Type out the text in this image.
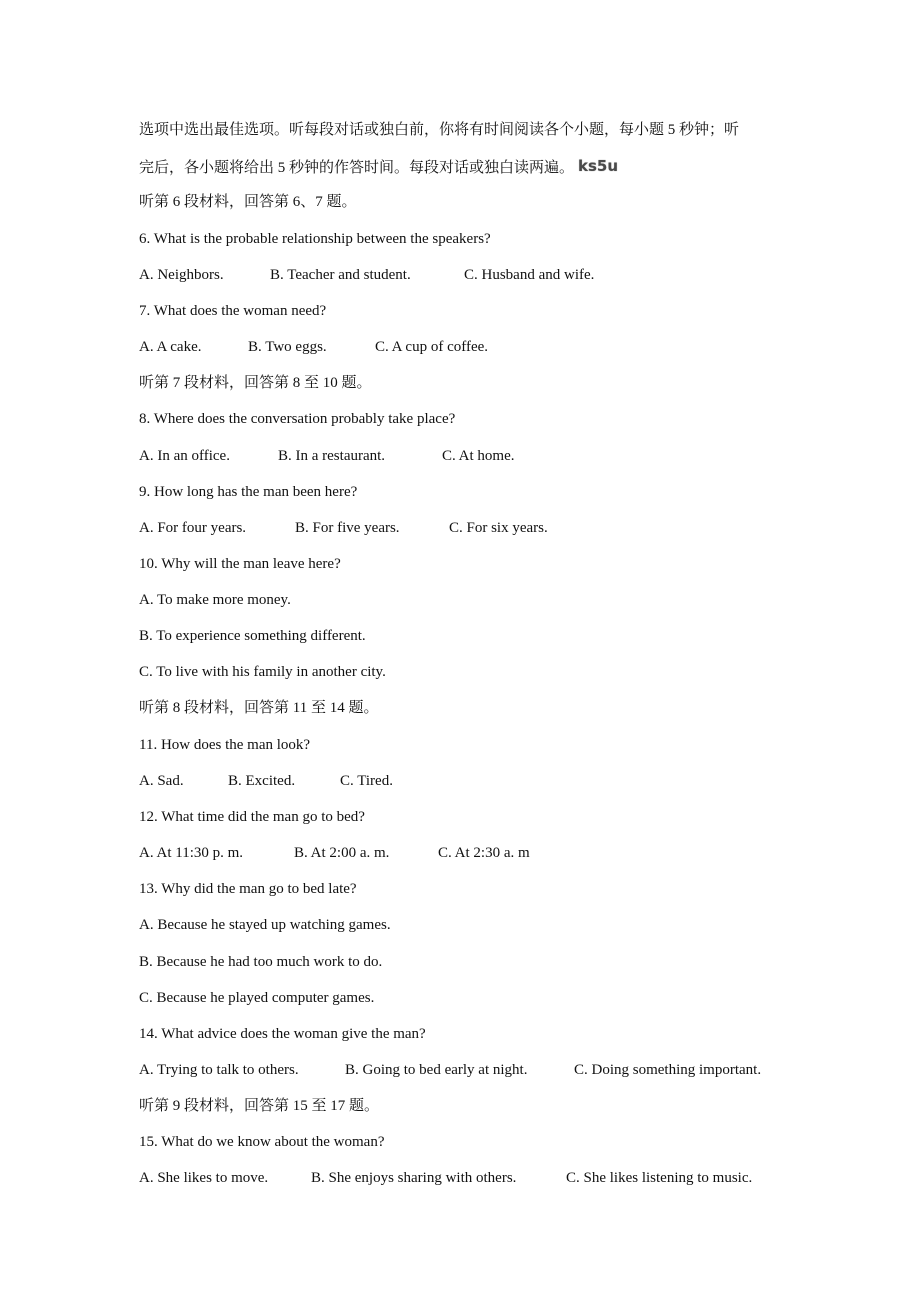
选项中选出最佳选项。听每段对话或独白前，你将有时间阅读各个小题，每小题 5 秒钟；听
完后，各小题将给出 5 秒钟的作答时间。每段对话或独白读两遍。 ks5u
听第 6 段材料，回答第 6、7 题。
6. What is the probable relationship between the speakers?
A. Neighbors.	B. Teacher and student.	C. Husband and wife.
7. What does the woman need?
A. A cake.	B. Two eggs.	C. A cup of coffee.
听第 7 段材料，回答第 8 至 10 题。
8. Where does the conversation probably take place?
A. In an office.	B. In a restaurant.	C. At home.
9. How long has the man been here?
A. For four years.	B. For five years.	C. For six years.
10. Why will the man leave here?
A. To make more money.
B. To experience something different.
C. To live with his family in another city.
听第 8 段材料，回答第 11 至 14 题。
11. How does the man look?
A. Sad.	B. Excited.	C. Tired.
12. What time did the man go to bed?
A. At 11:30 p. m.	B. At 2:00 a. m.	C. At 2:30 a. m
13. Why did the man go to bed late?
A. Because he stayed up watching games.
B. Because he had too much work to do.
C. Because he played computer games.
14. What advice does the woman give the man?
A. Trying to talk to others.	B. Going to bed early at night.	C. Doing something important.
听第 9 段材料，回答第 15 至 17 题。
15. What do we know about the woman?
A. She likes to move.	B. She enjoys sharing with others.	C. She likes listening to music.
